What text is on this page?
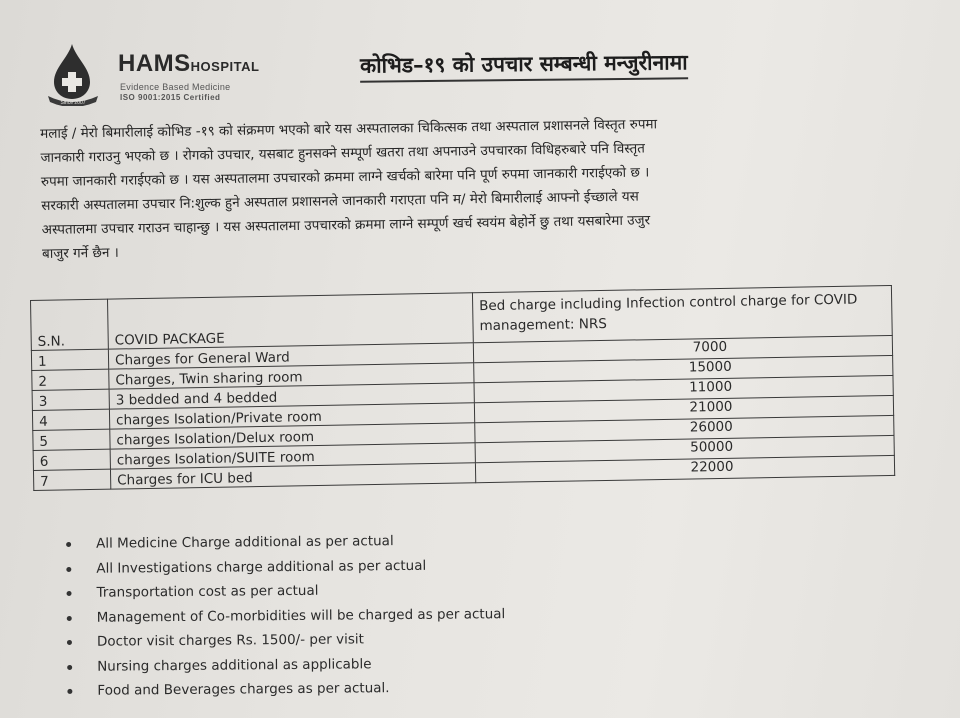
Since 2007
HAMSHOSPITAL
Evidence Based Medicine
ISO 9001:2015 Certified
कोभिड–१९ को उपचार सम्बन्धी मन्जुरीनामा
मलाई / मेरो बिमारीलाई कोभिड -१९ को संक्रमण भएको बारे यस अस्पतालका चिकित्सक तथा अस्पताल प्रशासनले विस्तृत रुपमा
जानकारी गराउनु भएको छ । रोगको उपचार, यसबाट हुनसक्ने सम्पूर्ण खतरा तथा अपनाउने उपचारका विधिहरुबारे पनि विस्तृत
रुपमा जानकारी गराईएको छ । यस अस्पतालमा उपचारको क्रममा लाग्ने खर्चको बारेमा पनि पूर्ण रुपमा जानकारी गराईएको छ ।
सरकारी अस्पतालमा उपचार नि:शुल्क हुने अस्पताल प्रशासनले जानकारी गराएता पनि म/ मेरो बिमारीलाई आफ्नो ईच्छाले यस
अस्पतालमा उपचार गराउन चाहान्छु । यस अस्पतालमा उपचारको क्रममा लाग्ने सम्पूर्ण खर्च स्वयंम बेहोर्ने छु तथा यसबारेमा उजुर
बाजुर गर्ने छैन ।
S.N.	COVID PACKAGE	Bed charge including Infection control charge for COVID
management: NRS

1	Charges for General Ward	7000
2	Charges, Twin sharing room	15000
3	3 bedded and 4 bedded	11000
4	charges Isolation/Private room	21000
5	charges Isolation/Delux room	26000
6	charges Isolation/SUITE room	50000
7	Charges for ICU bed	22000
All Medicine Charge additional as per actual
All Investigations charge additional as per actual
Transportation cost as per actual
Management of Co-morbidities will be charged as per actual
Doctor visit charges Rs. 1500/- per visit
Nursing charges additional as applicable
Food and Beverages charges as per actual.
